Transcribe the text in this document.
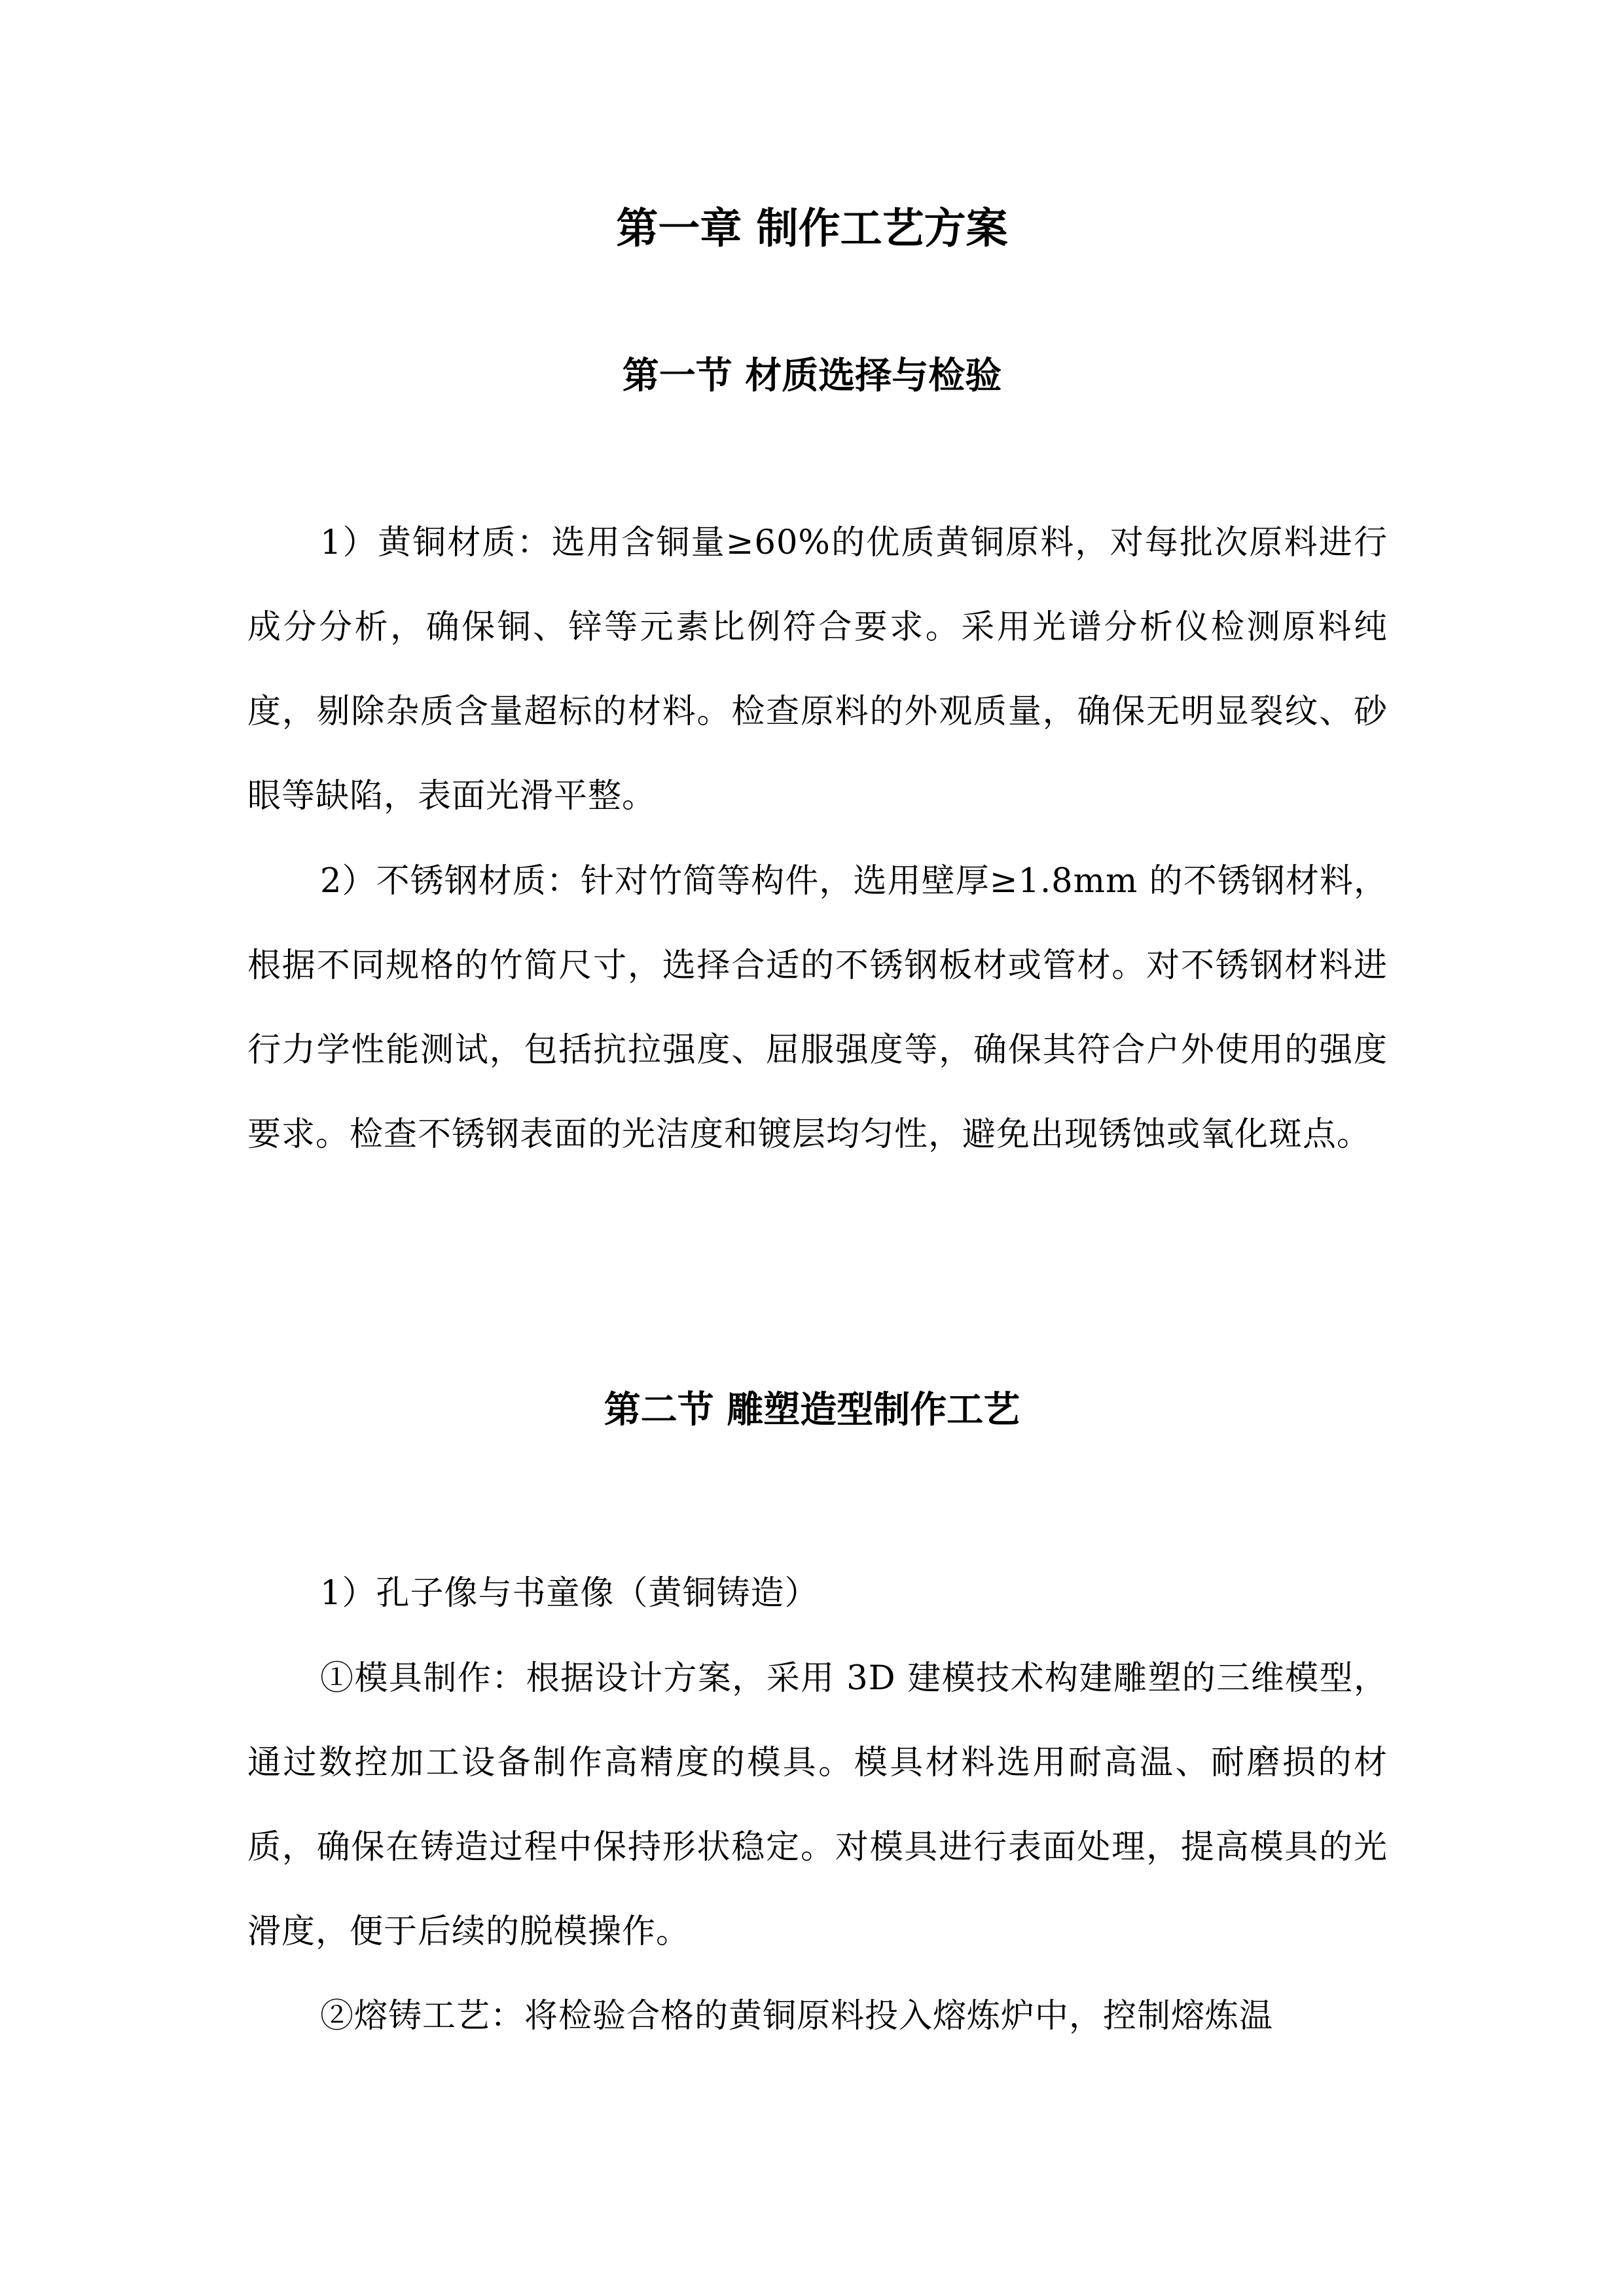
第一章 制作工艺方案
第一节 材质选择与检验

1）黄铜材质：选用含铜量≥60%的优质黄铜原料，对每批次原料进行成分分析，确保铜、锌等元素比例符合要求。采用光谱分析仪检测原料纯度，剔除杂质含量超标的材料。检查原料的外观质量，确保无明显裂纹、砂眼等缺陷，表面光滑平整。

2）不锈钢材质：针对竹简等构件，选用壁厚≥1.8mm 的不锈钢材料，根据不同规格的竹简尺寸，选择合适的不锈钢板材或管材。对不锈钢材料进行力学性能测试，包括抗拉强度、屈服强度等，确保其符合户外使用的强度要求。检查不锈钢表面的光洁度和镀层均匀性，避免出现锈蚀或氧化斑点。

第二节 雕塑造型制作工艺

1）孔子像与书童像（黄铜铸造）

①模具制作：根据设计方案，采用 3D 建模技术构建雕塑的三维模型，通过数控加工设备制作高精度的模具。模具材料选用耐高温、耐磨损的材质，确保在铸造过程中保持形状稳定。对模具进行表面处理，提高模具的光滑度，便于后续的脱模操作。

②熔铸工艺：将检验合格的黄铜原料投入熔炼炉中，控制熔炼温
